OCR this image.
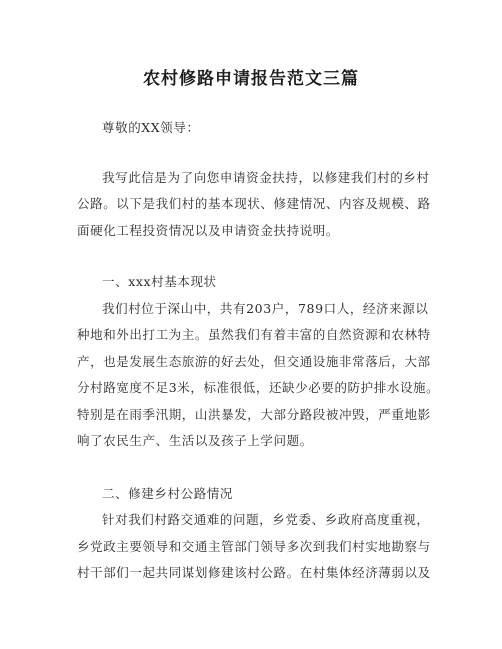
农村修路申请报告范文三篇
尊敬的XX领导：
我写此信是为了向您申请资金扶持，以修建我们村的乡村
公路。以下是我们村的基本现状、修建情况、内容及规模、路
面硬化工程投资情况以及申请资金扶持说明。
一、xxx村基本现状
我们村位于深山中，共有203户，789口人，经济来源以
种地和外出打工为主。虽然我们有着丰富的自然资源和农林特
产，也是发展生态旅游的好去处，但交通设施非常落后，大部
分村路宽度不足3米，标准很低，还缺少必要的防护排水设施。
特别是在雨季汛期，山洪暴发，大部分路段被冲毁，严重地影
响了农民生产、生活以及孩子上学问题。
二、修建乡村公路情况
针对我们村路交通难的问题，乡党委、乡政府高度重视，
乡党政主要领导和交通主管部门领导多次到我们村实地勘察与
村干部们一起共同谋划修建该村公路。在村集体经济薄弱以及
